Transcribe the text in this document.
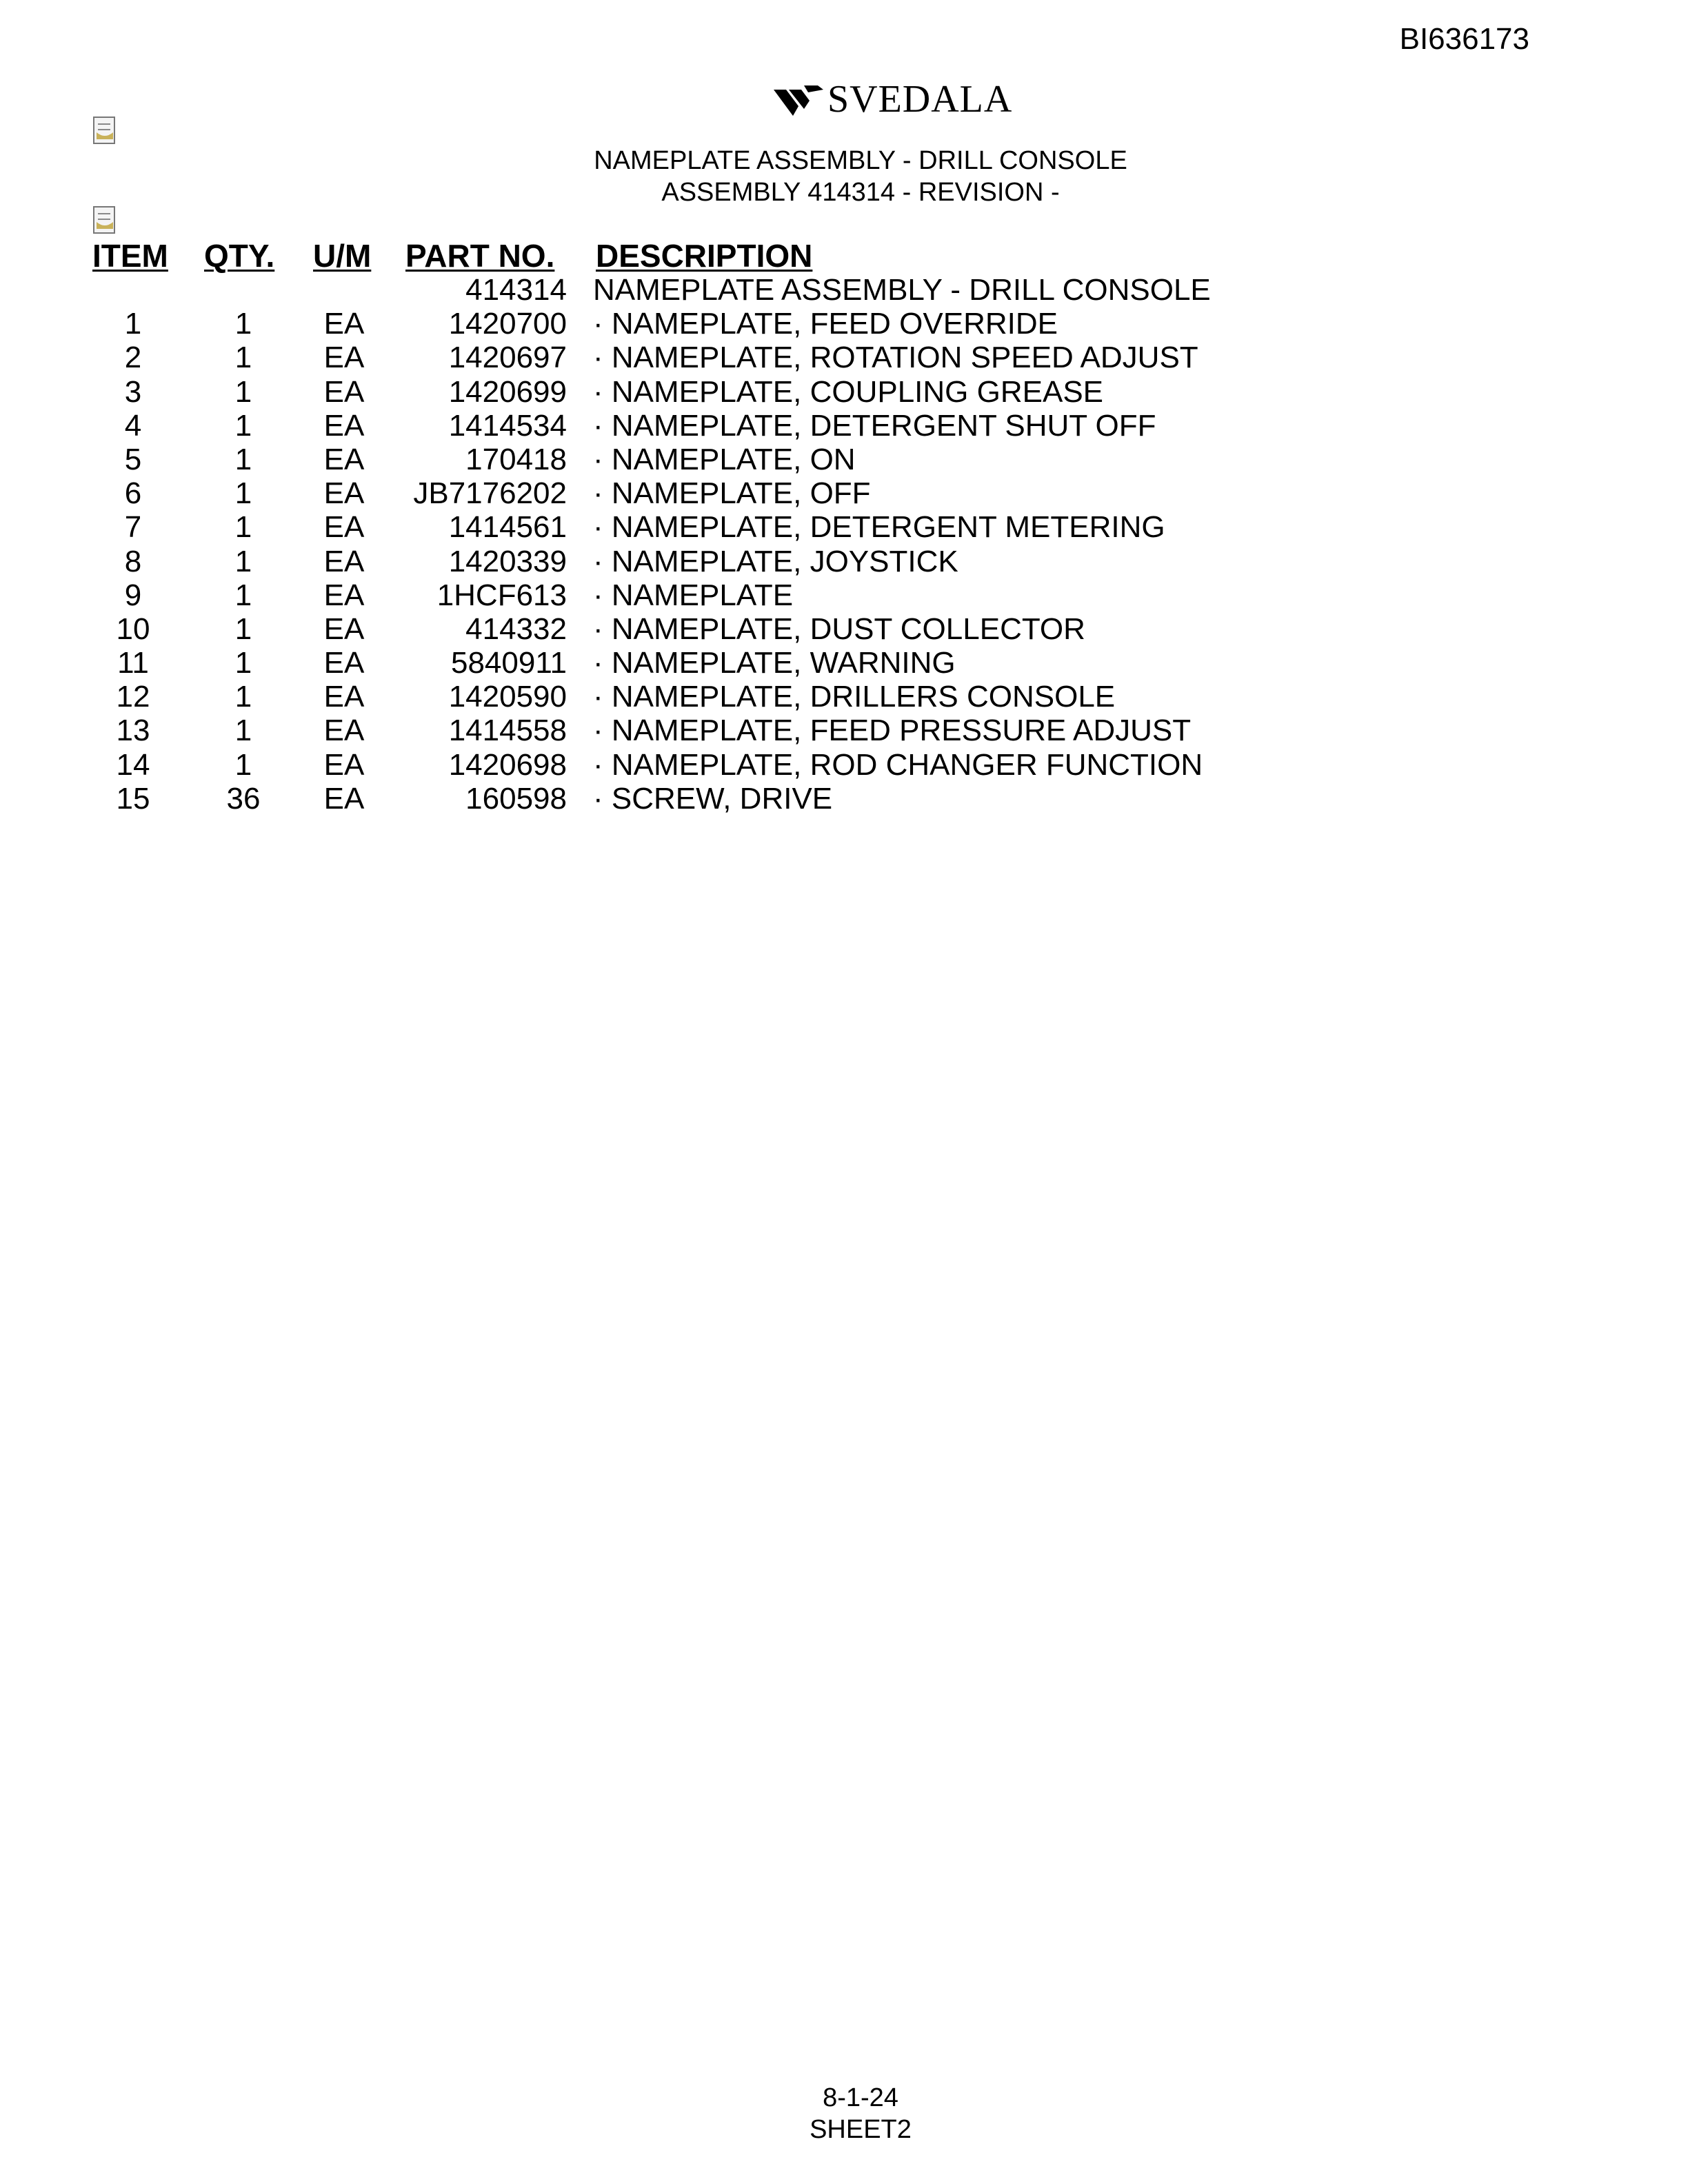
BI636173
SVEDALA
NAMEPLATE ASSEMBLY - DRILL CONSOLE
ASSEMBLY 414314 - REVISION -
ITEM QTY. U/M PART NO. DESCRIPTION
414314 NAMEPLATE ASSEMBLY - DRILL CONSOLE
1	1	EA	1420700 · NAMEPLATE, FEED OVERRIDE
2	1	EA	1420697 · NAMEPLATE, ROTATION SPEED ADJUST
3	1	EA	1420699 · NAMEPLATE, COUPLING GREASE
4	1	EA	1414534 · NAMEPLATE, DETERGENT SHUT OFF
5	1	EA	170418 · NAMEPLATE, ON
6	1	EA	JB7176202 · NAMEPLATE, OFF
7	1	EA	1414561 · NAMEPLATE, DETERGENT METERING
8	1	EA	1420339 · NAMEPLATE, JOYSTICK
9	1	EA	1HCF613 · NAMEPLATE
10	1	EA	414332 · NAMEPLATE, DUST COLLECTOR
11	1	EA	5840911 · NAMEPLATE, WARNING
12	1	EA	1420590 · NAMEPLATE, DRILLERS CONSOLE
13	1	EA	1414558 · NAMEPLATE, FEED PRESSURE ADJUST
14	1	EA	1420698 · NAMEPLATE, ROD CHANGER FUNCTION
15	36	EA	160598 · SCREW, DRIVE
8-1-24
SHEET2
